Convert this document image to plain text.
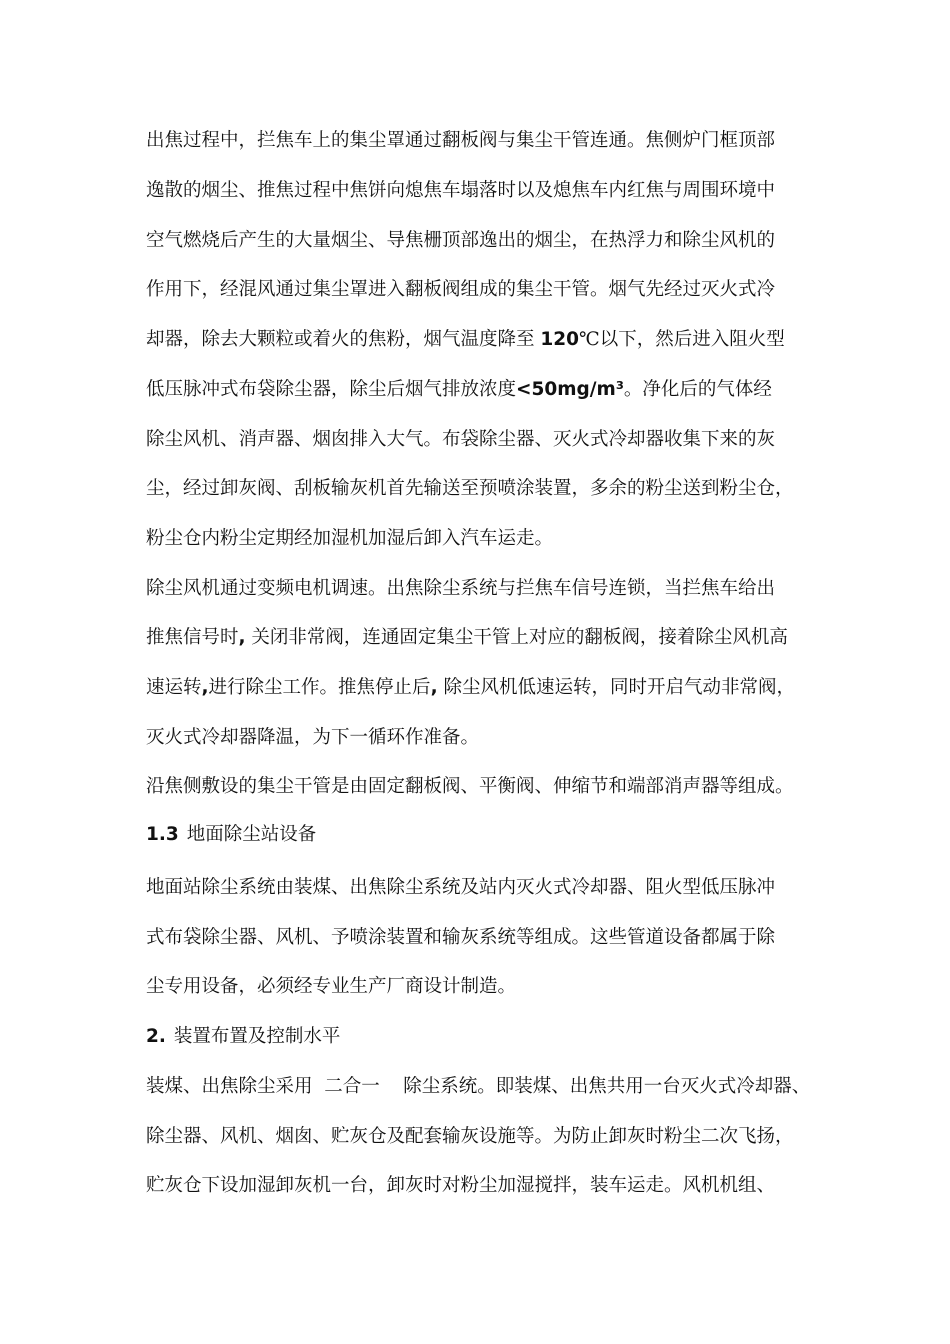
出焦过程中，拦焦车上的集尘罩通过翻板阀与集尘干管连通。焦侧炉门框顶部

逸散的烟尘、推焦过程中焦饼向熄焦车塌落时以及熄焦车内红焦与周围环境中

空气燃烧后产生的大量烟尘、导焦栅顶部逸出的烟尘，在热浮力和除尘风机的

作用下，经混风通过集尘罩进入翻板阀组成的集尘干管。烟气先经过灭火式冷

却器，除去大颗粒或着火的焦粉，烟气温度降至 120℃以下，然后进入阻火型

低压脉冲式布袋除尘器，除尘后烟气排放浓度<50mg/m³。净化后的气体经

除尘风机、消声器、烟囱排入大气。布袋除尘器、灭火式冷却器收集下来的灰

尘，经过卸灰阀、刮板输灰机首先输送至预喷涂装置，多余的粉尘送到粉尘仓，

粉尘仓内粉尘定期经加湿机加湿后卸入汽车运走。

除尘风机通过变频电机调速。出焦除尘系统与拦焦车信号连锁，当拦焦车给出

推焦信号时, 关闭非常阀，连通固定集尘干管上对应的翻板阀，接着除尘风机高

速运转,进行除尘工作。推焦停止后, 除尘风机低速运转，同时开启气动非常阀，

灭火式冷却器降温，为下一循环作准备。

沿焦侧敷设的集尘干管是由固定翻板阀、平衡阀、伸缩节和端部消声器等组成。

1.3 地面除尘站设备

地面站除尘系统由装煤、出焦除尘系统及站内灭火式冷却器、阻火型低压脉冲

式布袋除尘器、风机、予喷涂装置和输灰系统等组成。这些管道设备都属于除

尘专用设备，必须经专业生产厂商设计制造。

2. 装置布置及控制水平

装煤、出焦除尘采用  二合一    除尘系统。即装煤、出焦共用一台灭火式冷却器、

除尘器、风机、烟囱、贮灰仓及配套输灰设施等。为防止卸灰时粉尘二次飞扬，

贮灰仓下设加湿卸灰机一台，卸灰时对粉尘加湿搅拌，装车运走。风机机组、
